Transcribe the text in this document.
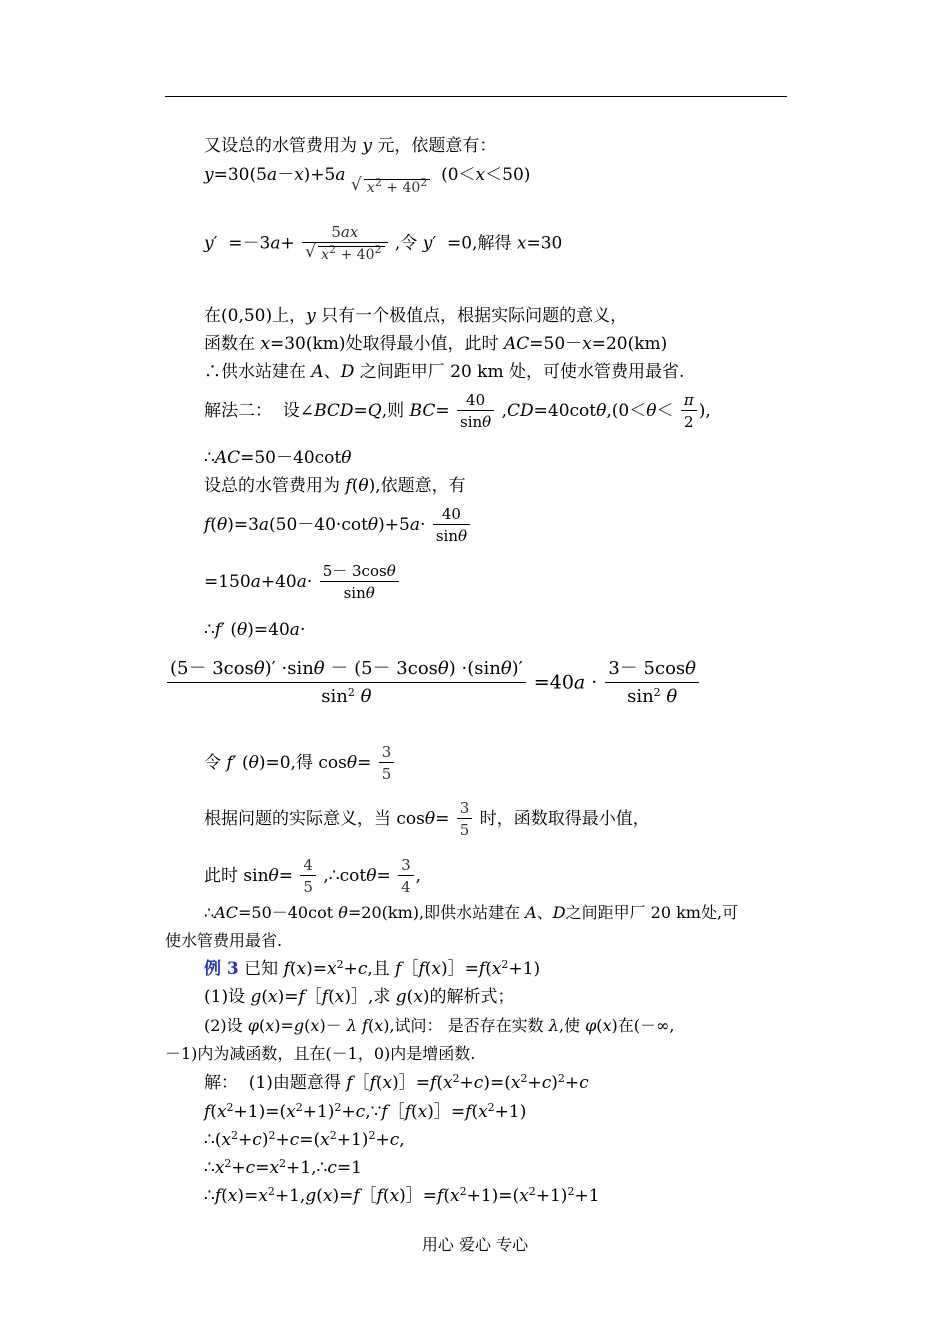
又设总的水管费用为 y 元，依题意有：
y=30(5a－x)+5a √ $x^2 + 40^2$  (0＜x＜50)
y′  =－3a+ 5ax
√ $x^2 + 40^2$ ,令 y′  =0,解得 x=30
在(0,50)上，y 只有一个极值点，根据实际问题的意义，
函数在 x=30(km)处取得最小值，此时 AC=50－x=20(km)
∴供水站建在 A、D 之间距甲厂 20 km 处，可使水管费用最省.
解法二：  设∠BCD=Q,则 $BC= \frac{40}{\sin\theta} ,CD=40\cot\theta,(0<\theta< \frac{\pi}{2}$ ),
∴AC=50－40cotθ
设总的水管费用为 f(θ),依题意，有
$f(\theta)=3a(50-40\cdot\cot\theta)+5a\cdot \frac{40}{\sin\theta}$
$=150a+40a\cdot \frac{5- 3\cos\theta}{\sin\theta}$
∴f′ (θ)=40a·
$\frac{(5- 3\cos\theta)' \cdot\sin\theta - (5- 3\cos\theta) \cdot(\sin\theta)'}{\sin^2 \theta} =40a \cdot \frac{3- 5\cos\theta}{\sin^2 \theta}$
令 f′ (θ)=0,得 $\cos\theta= \frac{3}{5}$
根据问题的实际意义，当 $\cos\theta= \frac{3}{5}$ 时，函数取得最小值，
此时 $\sin\theta= \frac{4}{5}$ ,∴cotθ= $\frac{3}{4}$ ,
∴AC=50－40cot θ=20(km),即供水站建在 A、D之间距甲厂 20 km处,可
使水管费用最省.
例 3 已知 $f(x)=x^2+c$,且 $f[f(x)]=f(x^2+1)$
(1)设 g(x)=f［f(x)］,求 g(x)的解析式；
(2)设 φ(x)=g(x)－ λ f(x),试问： 是否存在实数 λ,使 φ(x)在(－∞,
－1)内为减函数，且在(－1，0)内是增函数.
解：  (1)由题意得 $f[f(x)]=f(x^2+c)=(x^2+c)^2+c$
$f(x^2+1)=(x^2+1)^2+c,\because f[f(x)]=f(x^2+1)$
$\therefore(x^2+c)^2+c=(x^2+1)^2+c$,
$\therefore x^2+c=x^2+1,\therefore c=1$
$\therefore f(x)=x^2+1,g(x)=f[f(x)]=f(x^2+1)=(x^2+1)^2+1$
用心 爱心 专心
